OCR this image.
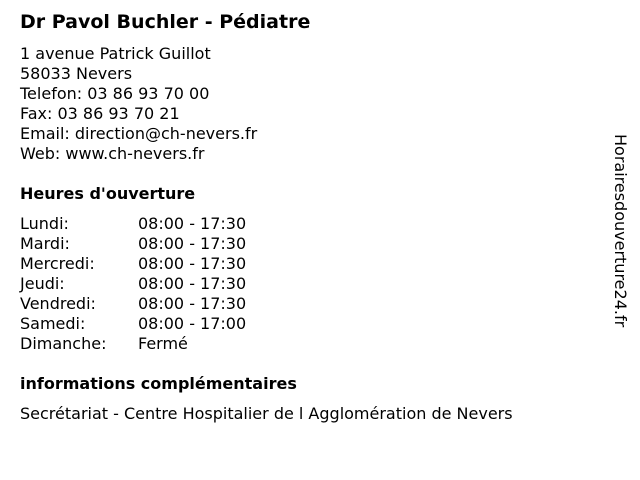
Dr Pavol Buchler - Pédiatre
1 avenue Patrick Guillot
58033 Nevers
Telefon: 03 86 93 70 00
Fax: 03 86 93 70 21
Email: direction@ch-nevers.fr
Web: www.ch-nevers.fr
Heures d'ouverture
Lundi:	08:00 - 17:30
Mardi:	08:00 - 17:30
Mercredi:	08:00 - 17:30
Jeudi:	08:00 - 17:30
Vendredi:	08:00 - 17:30
Samedi:	08:00 - 17:00
Dimanche:	Fermé
informations complémentaires
Secrétariat - Centre Hospitalier de l Agglomération de Nevers
Horairesdouverture24.fr
